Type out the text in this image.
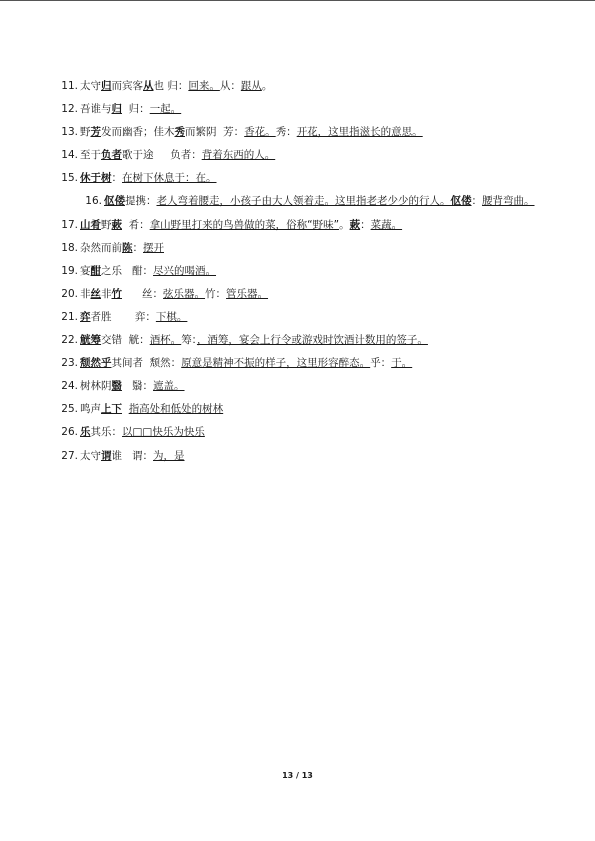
11. 太守归而宾客从也 归：回来。从：跟从。
12. 吾谁与归  归：一起。
13. 野芳发而幽香；佳木秀而繁阴  芳：香花。秀：开花，这里指滋长的意思。
14. 至于负者歌于途     负者：背着东西的人。
15. 休于树：在树下休息于：在。
16. 伛偻提携：老人弯着腰走，小孩子由大人领着走。这里指老老少少的行人。伛偻：腰背弯曲。
17. 山肴野蔌  肴：拿山野里打来的鸟兽做的菜，俗称“野味”。蔌：菜蔬。
18. 杂然而前陈：摆开
19. 宴酣之乐   酣：尽兴的喝酒。
20. 非丝非竹      丝：弦乐器。竹：管乐器。
21. 弈者胜       弈：下棋。
22. 觥筹交错  觥：酒杯。筹：，酒筹，宴会上行令或游戏时饮酒计数用的签子。
23. 颓然乎其间者  颓然：原意是精神不振的样子，这里形容醉态。乎：于。
24. 树林阴翳   翳：遮盖。
25. 鸣声上下 指高处和低处的树林
26. 乐其乐：以□□快乐为快乐
27. 太守谓谁   谓：为，是
13 / 13
